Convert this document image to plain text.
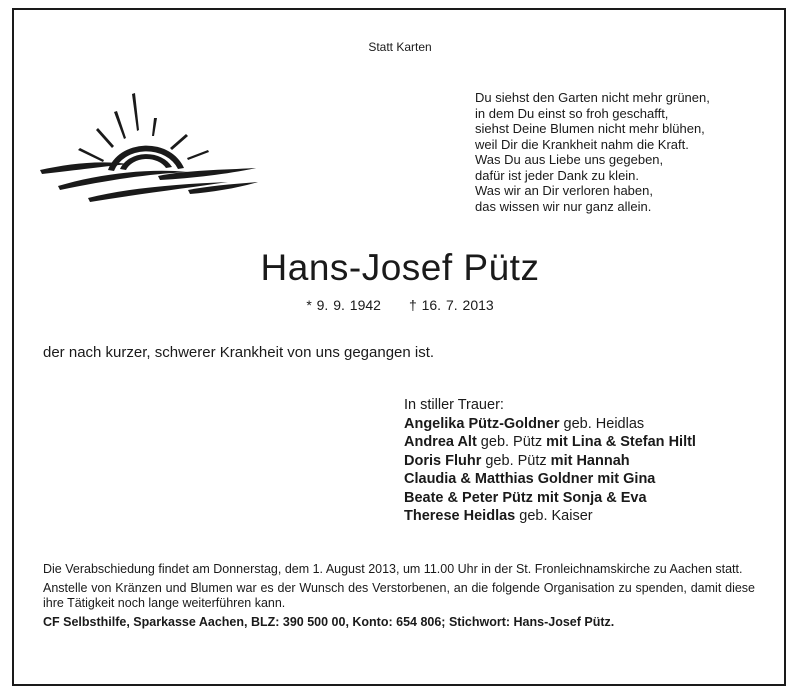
Statt Karten
Du siehst den Garten nicht mehr grünen,
in dem Du einst so froh geschafft,
siehst Deine Blumen nicht mehr blühen,
weil Dir die Krankheit nahm die Kraft.
Was Du aus Liebe uns gegeben,
dafür ist jeder Dank zu klein.
Was wir an Dir verloren haben,
das wissen wir nur ganz allein.
Hans-Josef Pütz
* 9. 9. 1942 † 16. 7. 2013
der nach kurzer, schwerer Krankheit von uns gegangen ist.
In stiller Trauer:
Angelika Pütz-Goldner geb. Heidlas
Andrea Alt geb. Pütz mit Lina & Stefan Hiltl
Doris Fluhr geb. Pütz mit Hannah
Claudia & Matthias Goldner mit Gina
Beate & Peter Pütz mit Sonja & Eva
Therese Heidlas geb. Kaiser

Die Verabschiedung findet am Donnerstag, dem 1. August 2013, um 11.00 Uhr in der St. Fronleichnamskirche zu Aachen statt.

Anstelle von Kränzen und Blumen war es der Wunsch des Verstorbenen, an die folgende Organisation zu spenden, damit diese ihre Tätigkeit noch lange weiterführen kann.

CF Selbsthilfe, Sparkasse Aachen, BLZ: 390 500 00, Konto: 654 806; Stichwort: Hans-Josef Pütz.
